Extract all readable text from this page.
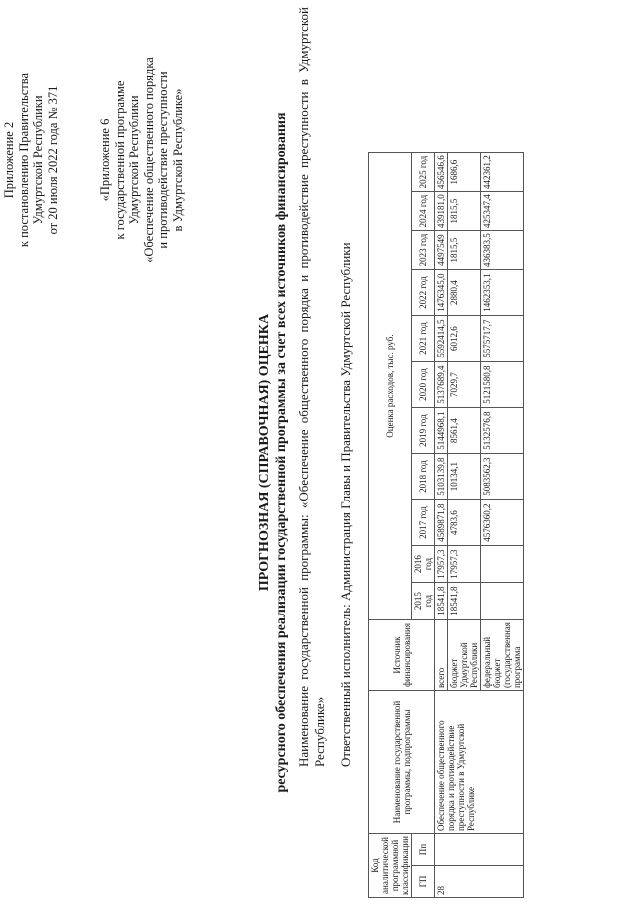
Приложение 2 к постановлению Правительства Удмуртской Республики от 20 июля 2022 года № 371	«Приложение 6 к государственной программе Удмуртской Республики «Обеспечение общественного порядка и противодействие преступности в Удмуртской Республике»
ПРОГНОЗНАЯ (СПРАВОЧНАЯ) ОЦЕНКА ресурсного обеспечения реализации государственной программы за счет всех источников финансирования Наименование государственной программы: «Обеспечение общественного порядка и противодействие преступности в Удмуртской Республике» Ответственный исполнитель: Администрация Главы и Правительства Удмуртской Республики
Код аналитической программной классификации		Наименование государственной программы, подпрограммы	Источник финансирования	Оценка расходов, тыс. руб.										
ГП	Пп			2015 год	2016 год	2017 год	2018 год	2019 год	2020 год	2021 год	2022 год	2023 год	2024 год	2025 год
28		Обеспечение общественного порядка и противодействие преступности в Удмуртской Республике	всего	18541,8	17957,3	4589871,8	5103139,8	5144968,1	5137689,4	5592414,5	1476345,0	4497549	439181,0	456546,6
			бюджет Удмуртской Республики	18541,8	17957,3	4783,6	10134,1	8561,4	7029,7	6012,6	2880,4	1815,5	1815,5	1686,6
			федеральный бюджет (государственная программа			4576360,2	5083562,3	5132576,8	5121580,8	5575717,7	1462353,1	436383,5	425347,4	442361,2
